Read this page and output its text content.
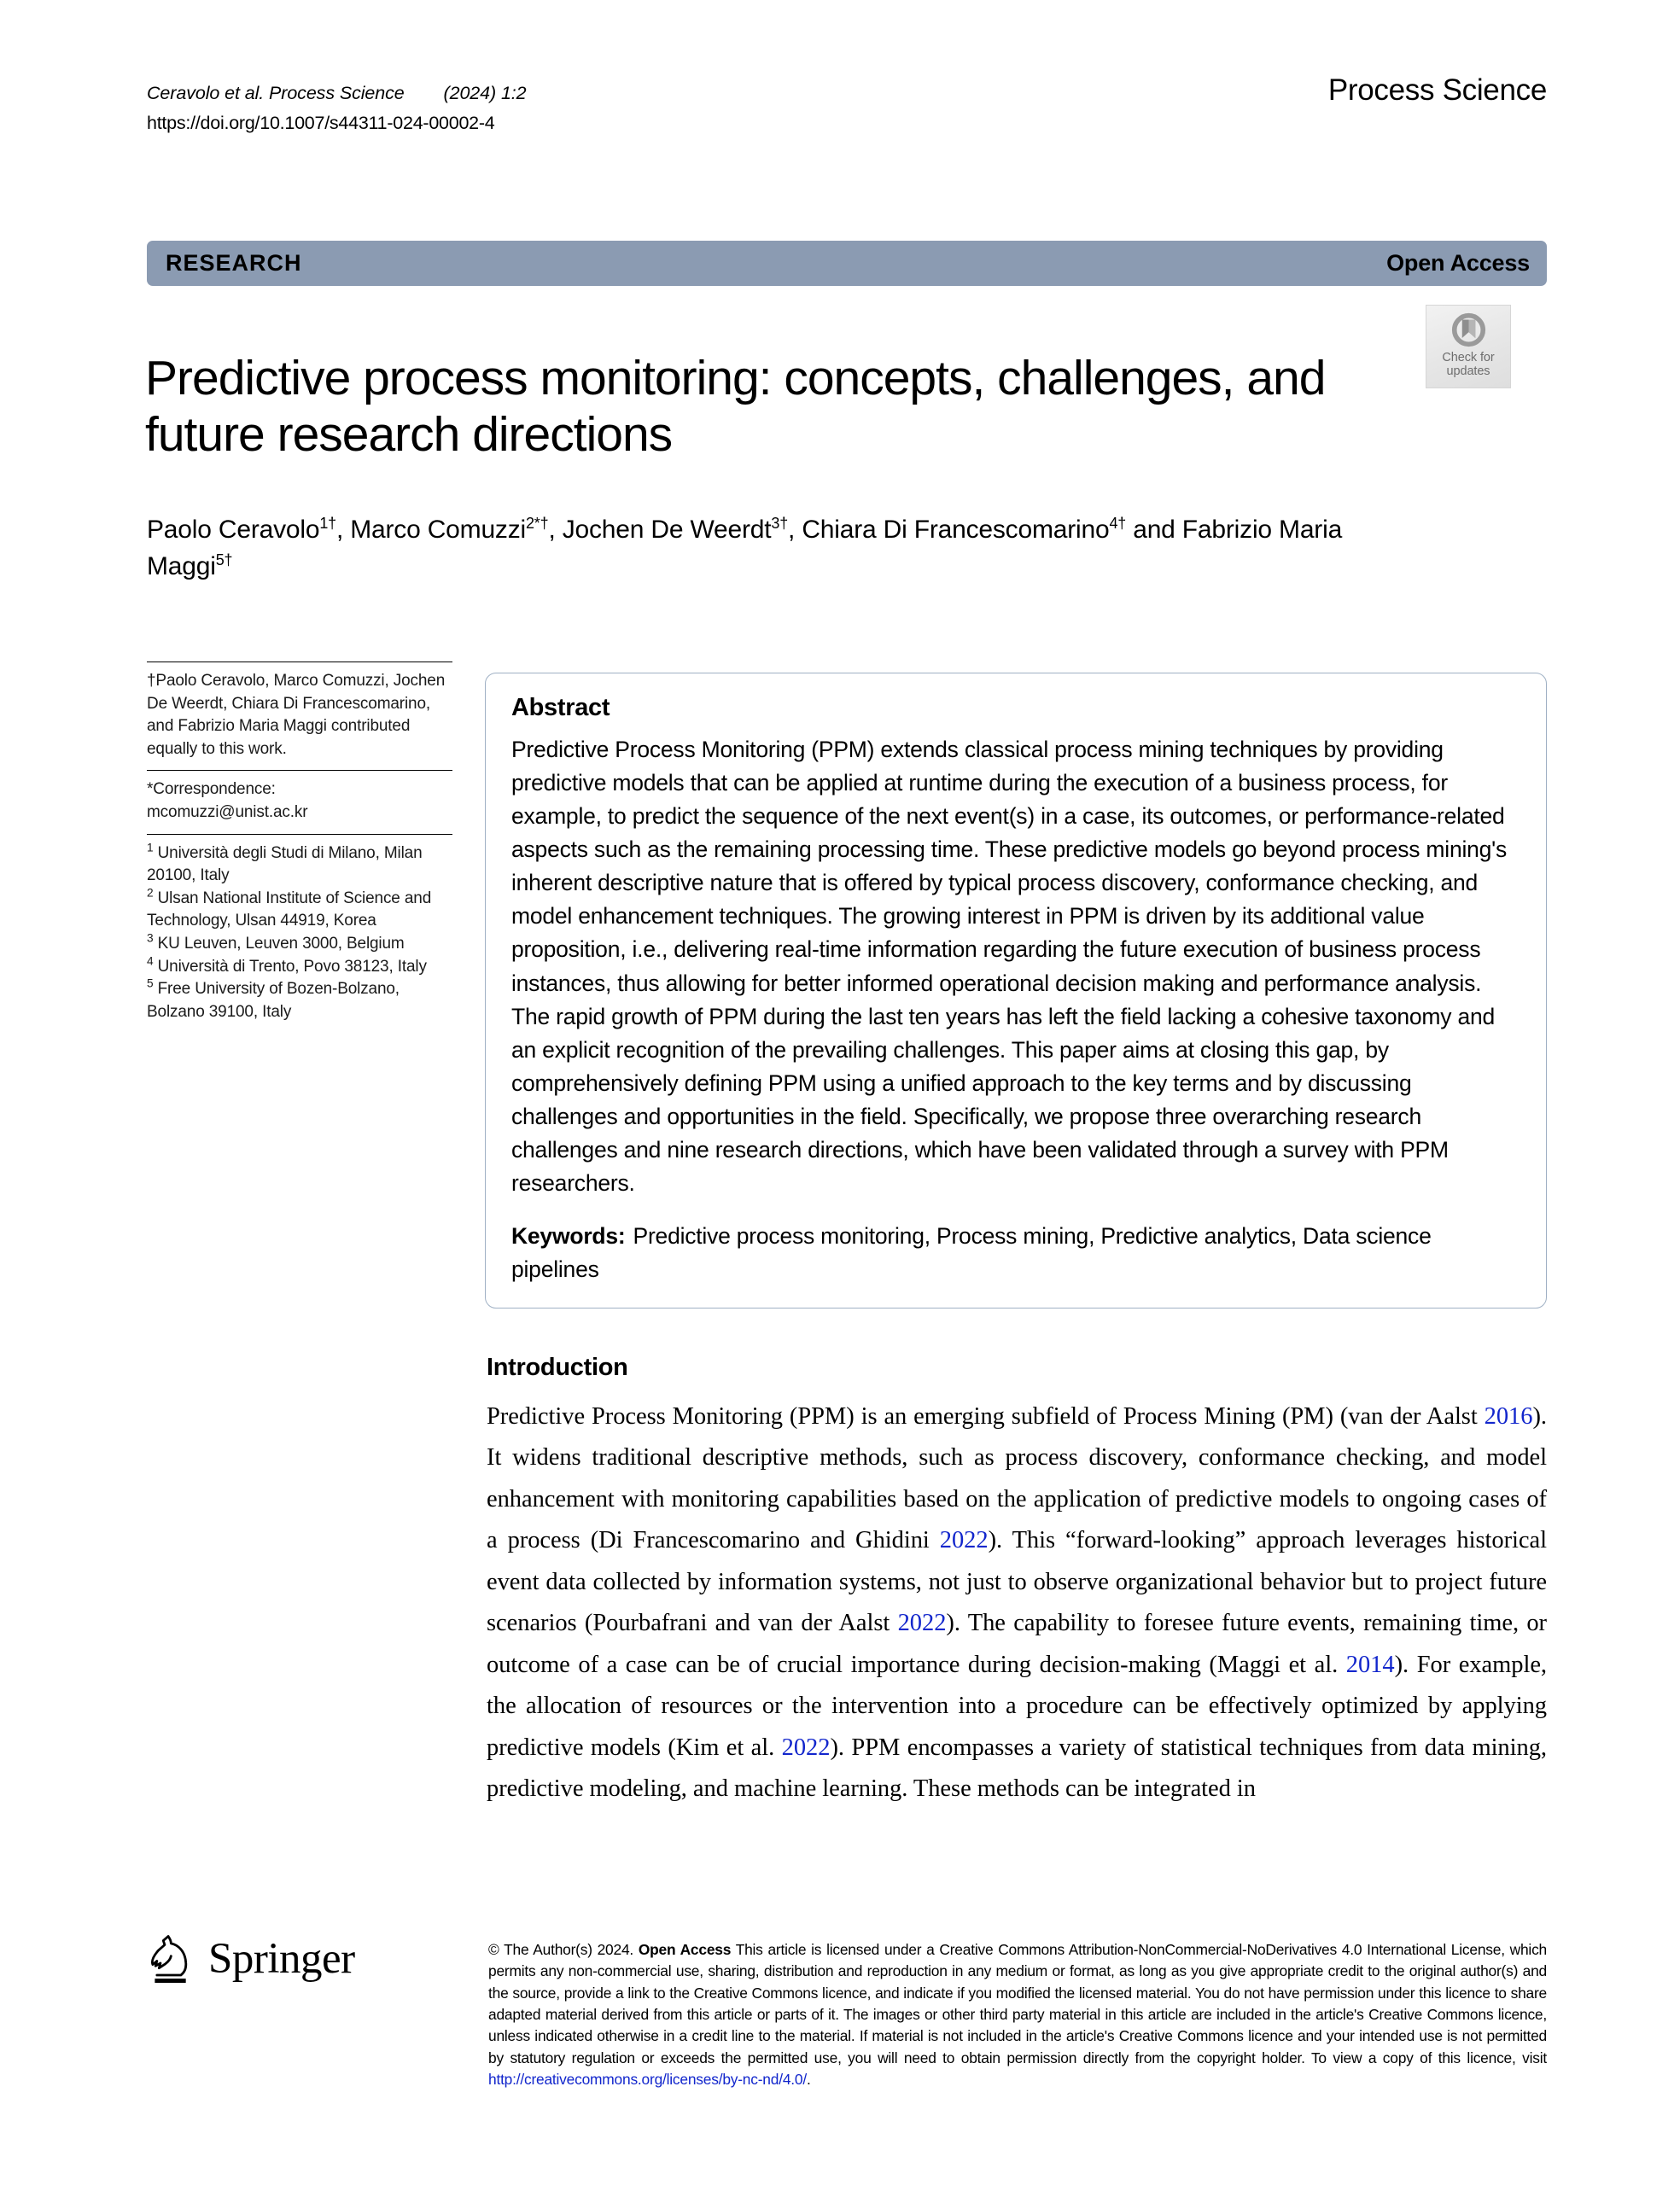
Ceravolo et al. Process Science (2024) 1:2
https://doi.org/10.1007/s44311-024-00002-4
Process Science
RESEARCH	Open Access
Check for
updates
Predictive process monitoring: concepts, challenges, and future research directions
Paolo Ceravolo$^{1\dagger}$, Marco Comuzzi$^{2*\dagger}$, Jochen De Weerdt$^{3\dagger}$, Chiara Di Francescomarino$^{4\dagger}$ and Fabrizio Maria Maggi$^{5\dagger}$
†Paolo Ceravolo, Marco Comuzzi, Jochen De Weerdt, Chiara Di Francescomarino, and Fabrizio Maria Maggi contributed equally to this work.
*Correspondence:
mcomuzzi@unist.ac.kr
$^1$ Università degli Studi di Milano, Milan 20100, Italy
$^2$ Ulsan National Institute of Science and Technology, Ulsan 44919, Korea
$^3$ KU Leuven, Leuven 3000, Belgium
$^4$ Università di Trento, Povo 38123, Italy
$^5$ Free University of Bozen-Bolzano, Bolzano 39100, Italy
Abstract
Predictive Process Monitoring (PPM) extends classical process mining techniques by providing predictive models that can be applied at runtime during the execution of a business process, for example, to predict the sequence of the next event(s) in a case, its outcomes, or performance-related aspects such as the remaining processing time. These predictive models go beyond process mining's inherent descriptive nature that is offered by typical process discovery, conformance checking, and model enhancement techniques. The growing interest in PPM is driven by its additional value proposition, i.e., delivering real-time information regarding the future execution of business process instances, thus allowing for better informed operational decision making and performance analysis. The rapid growth of PPM during the last ten years has left the field lacking a cohesive taxonomy and an explicit recognition of the prevailing challenges. This paper aims at closing this gap, by comprehensively defining PPM using a unified approach to the key terms and by discussing challenges and opportunities in the field. Specifically, we propose three overarching research challenges and nine research directions, which have been validated through a survey with PPM researchers.
Keywords: Predictive process monitoring, Process mining, Predictive analytics, Data science pipelines
Introduction
Predictive Process Monitoring (PPM) is an emerging subfield of Process Mining (PM) (van der Aalst 2016). It widens traditional descriptive methods, such as process discovery, conformance checking, and model enhancement with monitoring capabilities based on the application of predictive models to ongoing cases of a process (Di Francescomarino and Ghidini 2022). This “forward-looking” approach leverages historical event data collected by information systems, not just to observe organizational behavior but to project future scenarios (Pourbafrani and van der Aalst 2022). The capability to foresee future events, remaining time, or outcome of a case can be of crucial importance during decision-making (Maggi et al. 2014). For example, the allocation of resources or the intervention into a procedure can be effectively optimized by applying predictive models (Kim et al. 2022). PPM encompasses a variety of statistical techniques from data mining, predictive modeling, and machine learning. These methods can be integrated in
Springer	© The Author(s) 2024. Open Access This article is licensed under a Creative Commons Attribution-NonCommercial-NoDerivatives 4.0 International License, which permits any non-commercial use, sharing, distribution and reproduction in any medium or format, as long as you give appropriate credit to the original author(s) and the source, provide a link to the Creative Commons licence, and indicate if you modified the licensed material. You do not have permission under this licence to share adapted material derived from this article or parts of it. The images or other third party material in this article are included in the article's Creative Commons licence, unless indicated otherwise in a credit line to the material. If material is not included in the article's Creative Commons licence and your intended use is not permitted by statutory regulation or exceeds the permitted use, you will need to obtain permission directly from the copyright holder. To view a copy of this licence, visit http://creativecommons.org/licenses/by-nc-nd/4.0/.
